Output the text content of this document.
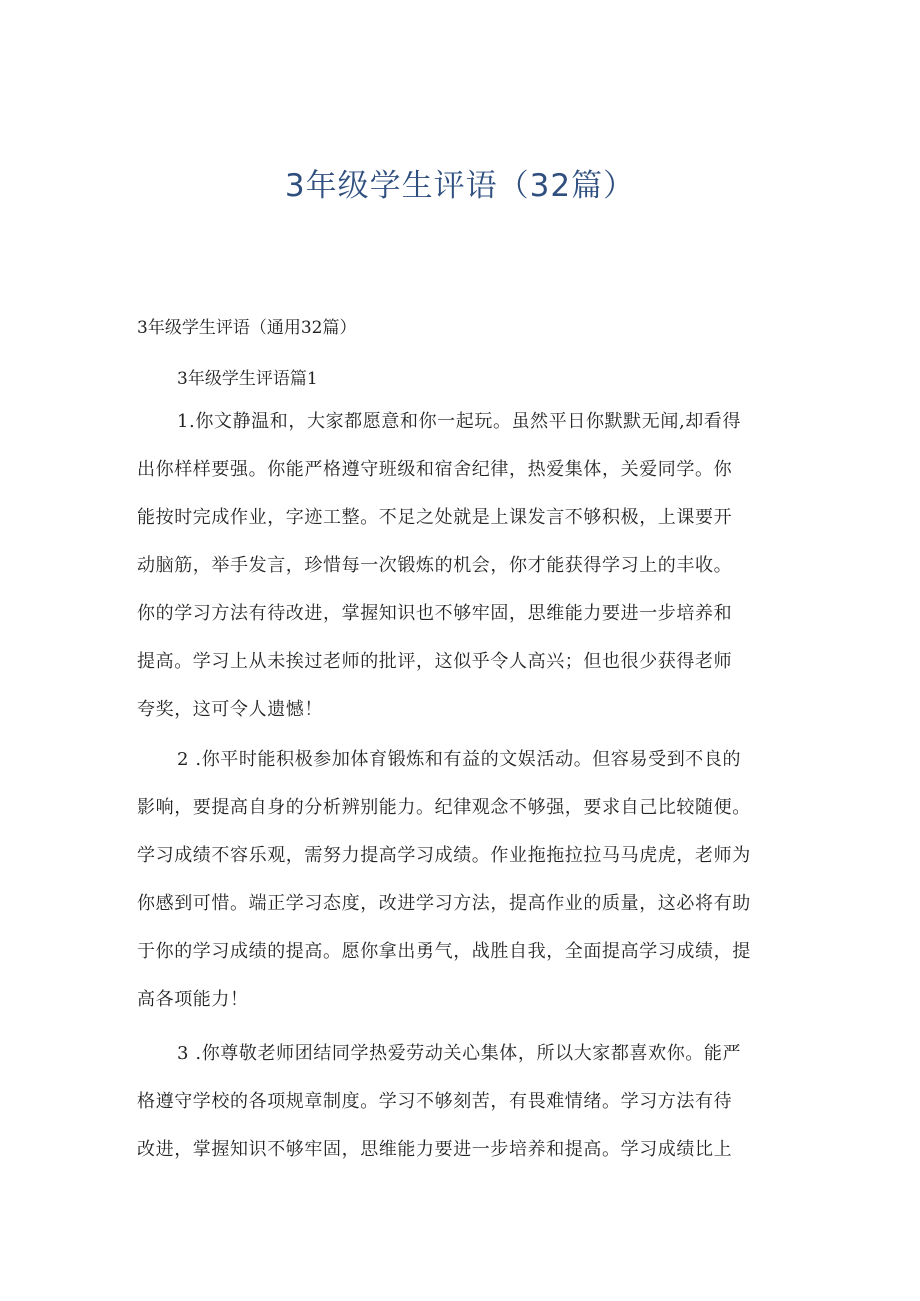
3年级学生评语（32篇）
3年级学生评语（通用32篇）
3年级学生评语篇1

1.你文静温和，大家都愿意和你一起玩。虽然平日你默默无闻,却看得
出你样样要强。你能严格遵守班级和宿舍纪律，热爱集体，关爱同学。你
能按时完成作业，字迹工整。不足之处就是上课发言不够积极，上课要开
动脑筋，举手发言，珍惜每一次锻炼的机会，你才能获得学习上的丰收。
你的学习方法有待改进，掌握知识也不够牢固，思维能力要进一步培养和
提高。学习上从未挨过老师的批评，这似乎令人高兴；但也很少获得老师
夸奖，这可令人遗憾！

2 .你平时能积极参加体育锻炼和有益的文娱活动。但容易受到不良的
影响，要提高自身的分析辨别能力。纪律观念不够强，要求自己比较随便。
学习成绩不容乐观，需努力提高学习成绩。作业拖拖拉拉马马虎虎，老师为
你感到可惜。端正学习态度，改进学习方法，提高作业的质量，这必将有助
于你的学习成绩的提高。愿你拿出勇气，战胜自我，全面提高学习成绩，提
高各项能力！

3 .你尊敬老师团结同学热爱劳动关心集体，所以大家都喜欢你。能严
格遵守学校的各项规章制度。学习不够刻苦，有畏难情绪。学习方法有待
改进，掌握知识不够牢固，思维能力要进一步培养和提高。学习成绩比上
